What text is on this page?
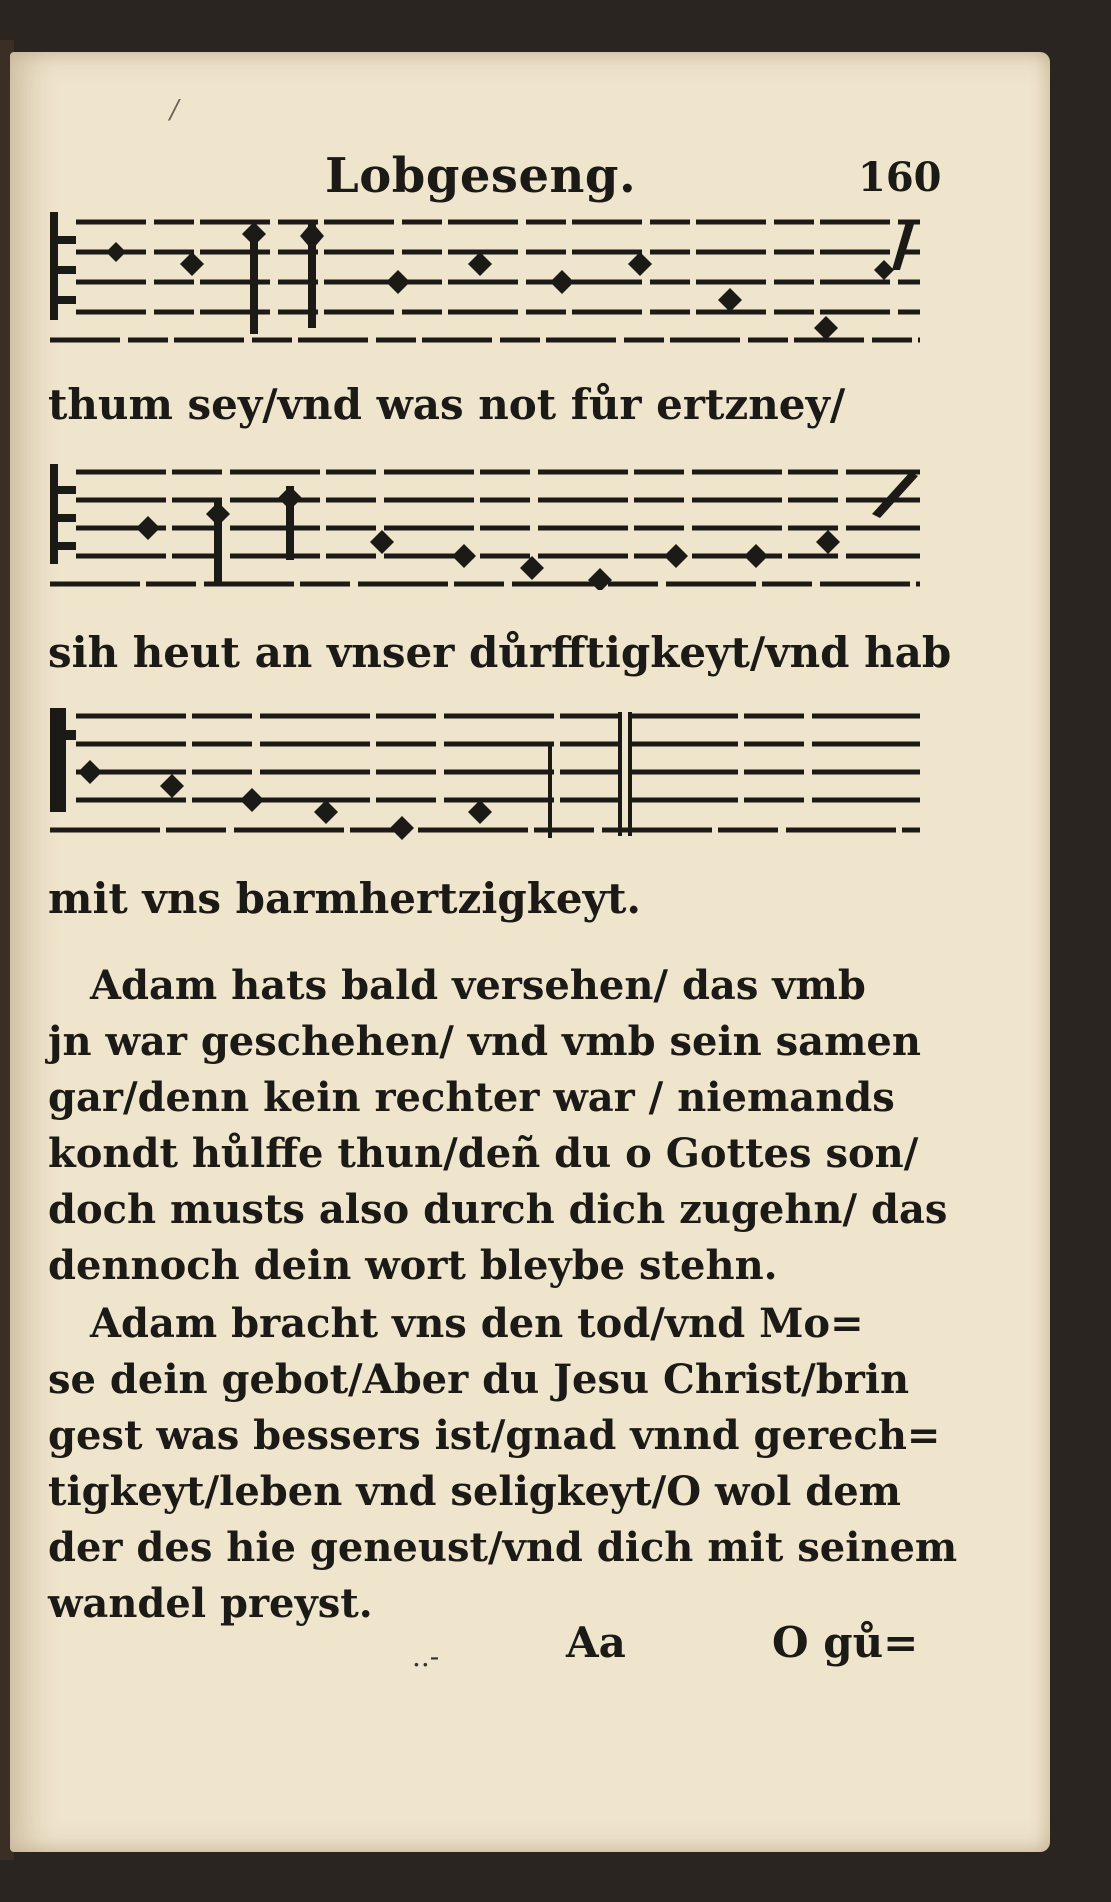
/
Lobgeseng.	160
thum sey/vnd was not fůr ertzney/
sih heut an vnser důrfftigkeyt/vnd hab
mit vns barmhertzigkeyt.
Adam hats bald versehen/ das vmb
jn war geschehen/ vnd vmb sein samen
gar/denn kein rechter war / niemands
kondt hůlffe thun/deñ du o Gottes son/
doch musts also durch dich zugehn/ das
dennoch dein wort bleybe stehn.
Adam bracht vns den tod/vnd Mo=
se dein gebot/Aber du Jesu Christ/brin
gest was bessers ist/gnad vnnd gerech=
tigkeyt/leben vnd seligkeyt/O wol dem
der des hie geneust/vnd dich mit seinem
wandel preyst.
..-	Aa	O gů=
